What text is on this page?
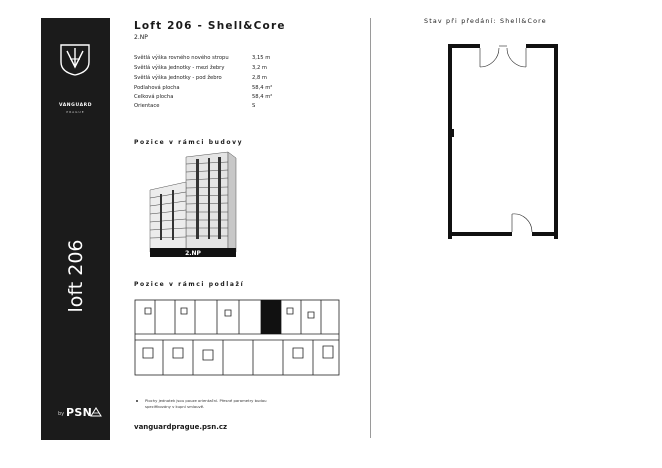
VANGUARD
PRAGUE
loft 206
by PSN
Loft 206 - Shell&Core
2.NP
Světlá výška rovného nového stropu	3,15 m
Světlá výška jednotky - mezi žebry	3,2 m
Světlá výška jednotky - pod žebro	2,8 m
Podlahová plocha	58,4 m²
Celková plocha	58,4 m²
Orientace	S
Pozice v rámci budovy
2.NP
Pozice v rámci podlaží
Plochy jednotek jsou pouze orientační. Přesné parametry budou specifikovány v kupní smlouvě.
vanguardprague.psn.cz
Stav při předání: Shell&Core
